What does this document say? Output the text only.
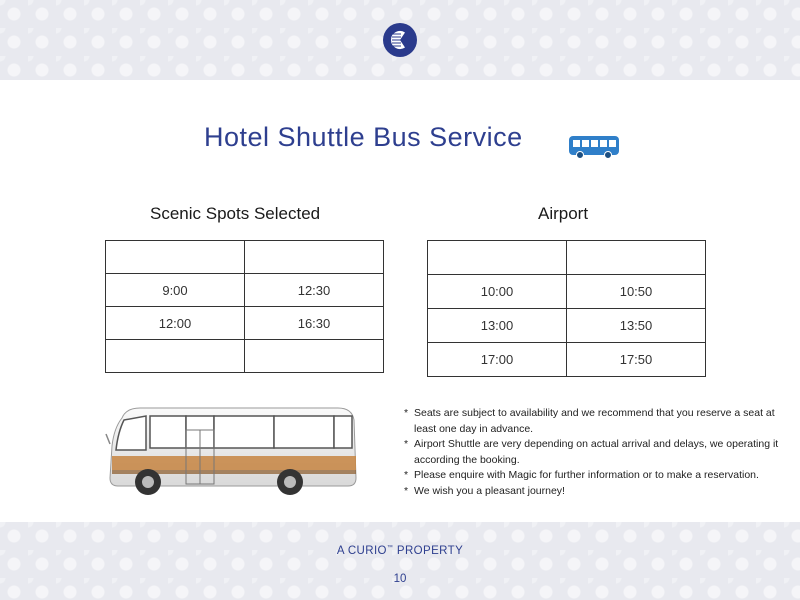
Hotel Shuttle Bus Service
Scenic Spots Selected	Airport

9:00	12:30
12:00	16:30

10:00	10:50
13:00	13:50
17:00	17:50
* Seats are subject to availability and we recommend that you reserve a seat at least one day in advance.
* Airport Shuttle are very depending on actual arrival and delays, we operating it according the booking.
* Please enquire with Magic for further information or to make a reservation.
* We wish you a pleasant journey!
A CURIO™ PROPERTY
10
